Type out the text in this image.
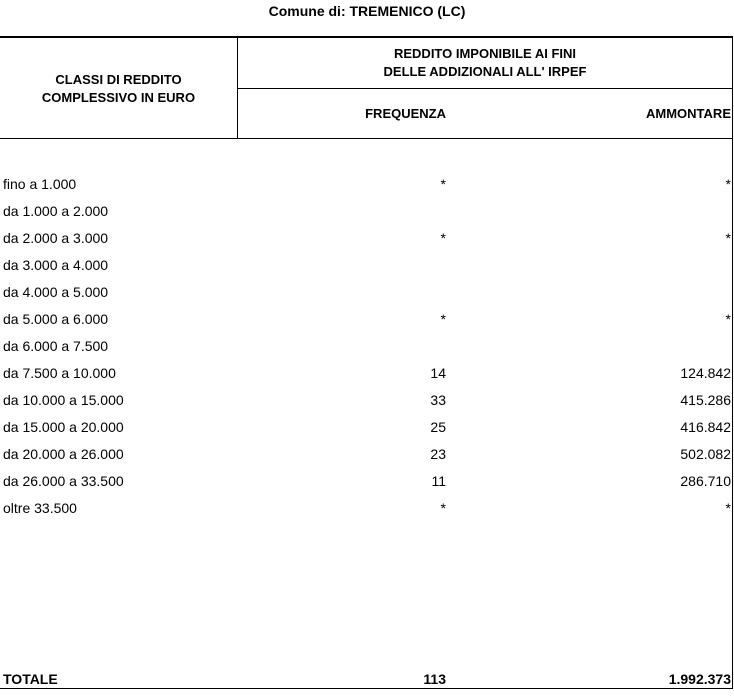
Comune di: TREMENICO (LC)
CLASSI DI REDDITO
COMPLESSIVO IN EURO
REDDITO IMPONIBILE AI FINI
DELLE ADDIZIONALI ALL' IRPEF
FREQUENZA	AMMONTARE
fino a 1.000	*	*
da 1.000 a 2.000
da 2.000 a 3.000	*	*
da 3.000 a 4.000
da 4.000 a 5.000
da 5.000 a 6.000	*	*
da 6.000 a 7.500
da 7.500 a 10.000	14	124.842
da 10.000 a 15.000	33	415.286
da 15.000 a 20.000	25	416.842
da 20.000 a 26.000	23	502.082
da 26.000 a 33.500	11	286.710
oltre 33.500	*	*
TOTALE	113	1.992.373
